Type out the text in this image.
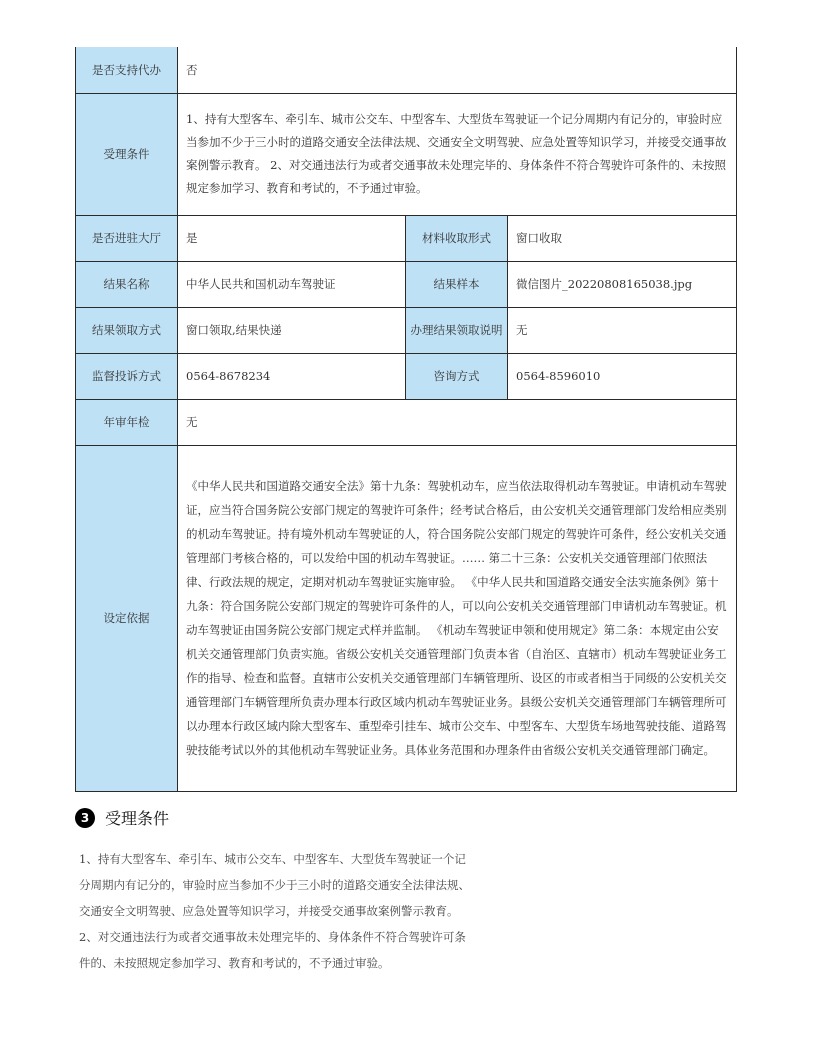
是否支持代办	否		
受理条件	1、持有大型客车、牵引车、城市公交车、中型客车、大型货车驾驶证一个记分周期内有记分的，审验时应当参加不少于三小时的道路交通安全法律法规、交通安全文明驾驶、应急处置等知识学习，并接受交通事故案例警示教育。 2、对交通违法行为或者交通事故未处理完毕的、身体条件不符合驾驶许可条件的、未按照规定参加学习、教育和考试的，不予通过审验。		
是否进驻大厅	是	材料收取形式	窗口收取
结果名称	中华人民共和国机动车驾驶证	结果样本	微信图片_20220808165038.jpg
结果领取方式	窗口领取,结果快递	办理结果领取说明	无
监督投诉方式	0564-8678234	咨询方式	0564-8596010
年审年检	无		
设定依据	《中华人民共和国道路交通安全法》第十九条：驾驶机动车，应当依法取得机动车驾驶证。申请机动车驾驶证，应当符合国务院公安部门规定的驾驶许可条件；经考试合格后，由公安机关交通管理部门发给相应类别的机动车驾驶证。持有境外机动车驾驶证的人，符合国务院公安部门规定的驾驶许可条件，经公安机关交通管理部门考核合格的，可以发给中国的机动车驾驶证。…… 第二十三条：公安机关交通管理部门依照法律、行政法规的规定，定期对机动车驾驶证实施审验。 《中华人民共和国道路交通安全法实施条例》第十九条：符合国务院公安部门规定的驾驶许可条件的人，可以向公安机关交通管理部门申请机动车驾驶证。机动车驾驶证由国务院公安部门规定式样并监制。 《机动车驾驶证申领和使用规定》第二条：本规定由公安机关交通管理部门负责实施。省级公安机关交通管理部门负责本省（自治区、直辖市）机动车驾驶证业务工作的指导、检查和监督。直辖市公安机关交通管理部门车辆管理所、设区的市或者相当于同级的公安机关交通管理部门车辆管理所负责办理本行政区域内机动车驾驶证业务。县级公安机关交通管理部门车辆管理所可以办理本行政区域内除大型客车、重型牵引挂车、城市公交车、中型客车、大型货车场地驾驶技能、道路驾驶技能考试以外的其他机动车驾驶证业务。具体业务范围和办理条件由省级公安机关交通管理部门确定。		
3 受理条件
1、持有大型客车、牵引车、城市公交车、中型客车、大型货车驾驶证一个记分周期内有记分的，审验时应当参加不少于三小时的道路交通安全法律法规、交通安全文明驾驶、应急处置等知识学习，并接受交通事故案例警示教育。 2、对交通违法行为或者交通事故未处理完毕的、身体条件不符合驾驶许可条件的、未按照规定参加学习、教育和考试的，不予通过审验。
